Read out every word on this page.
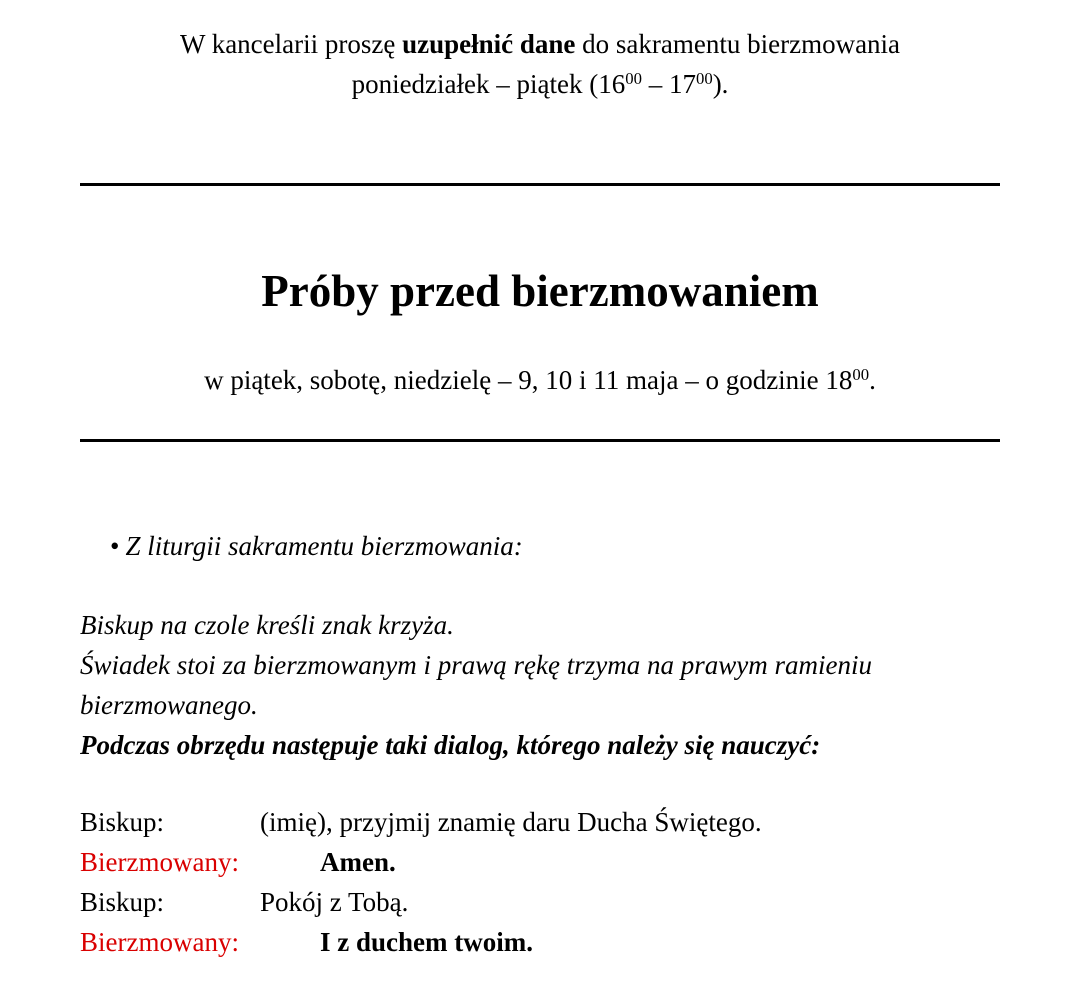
W kancelarii proszę uzupełnić dane do sakramentu bierzmowania
poniedziałek – piątek $(16^{00} - 17^{00})$.
Próby przed bierzmowaniem
w piątek, sobotę, niedzielę – 9, 10 i 11 maja – o godzinie $18^{00}$.
• Z liturgii sakramentu bierzmowania:
Biskup na czole kreśli znak krzyża.
Świadek stoi za bierzmowanym i prawą rękę trzyma na prawym ramieniu bierzmowanego.
Podczas obrzędu następuje taki dialog, którego należy się nauczyć:
Biskup:	(imię), przyjmij znamię daru Ducha Świętego.
Bierzmowany:	Amen.
Biskup:	Pokój z Tobą.
Bierzmowany:	I z duchem twoim.
